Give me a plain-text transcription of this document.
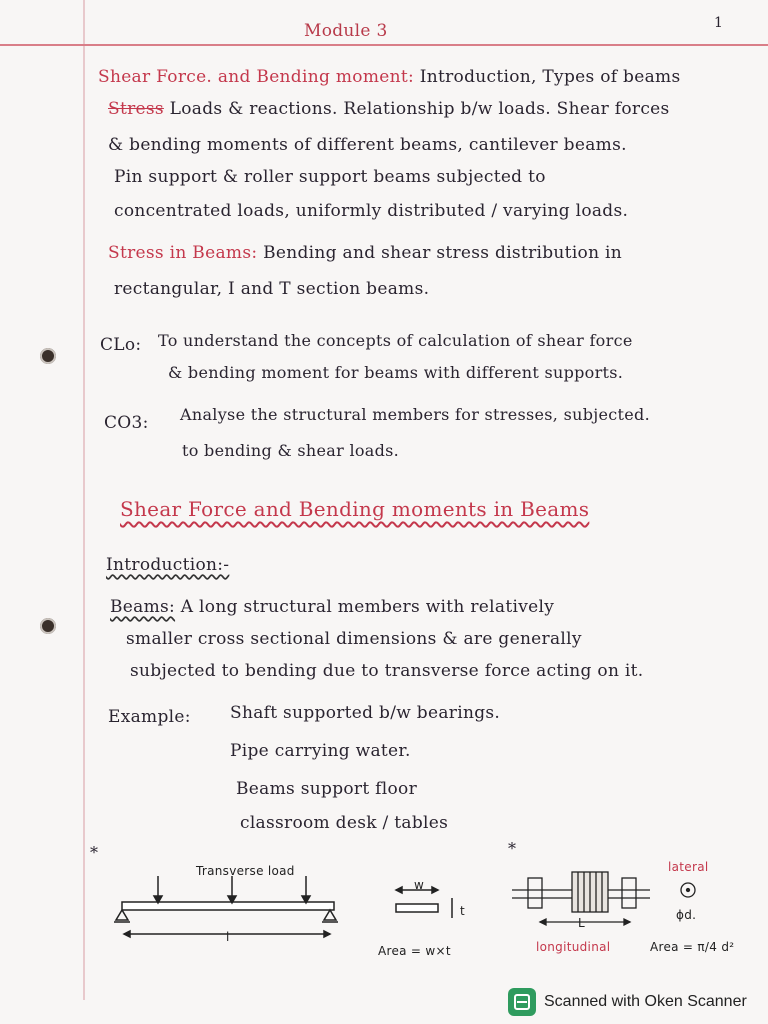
Module 3	1
Shear Force. and Bending moment: Introduction, Types of beams
Stress Loads & reactions. Relationship b/w loads. Shear forces
& bending moments of different beams, cantilever beams.
Pin support & roller support beams subjected to
concentrated loads, uniformly distributed / varying loads.
Stress in Beams: Bending and shear stress distribution in
rectangular, I and T section beams.
CLo: To understand the concepts of calculation of shear force
& bending moment for beams with different supports.
CO3: Analyse the structural members for stresses, subjected.
to bending & shear loads.
Shear Force and Bending moments in Beams
Introduction:-
Beams: A long structural members with relatively
smaller cross sectional dimensions & are generally
subjected to bending due to transverse force acting on it.
Example: Shaft supported b/w bearings.
Pipe carrying water.
Beams support floor
classroom desk / tables
*	*
Transverse load
l
w
t
Area = w×t
lateral
ϕd.
L
longitudinal	Area = π/4 d²
Scanned with Oken Scanner
